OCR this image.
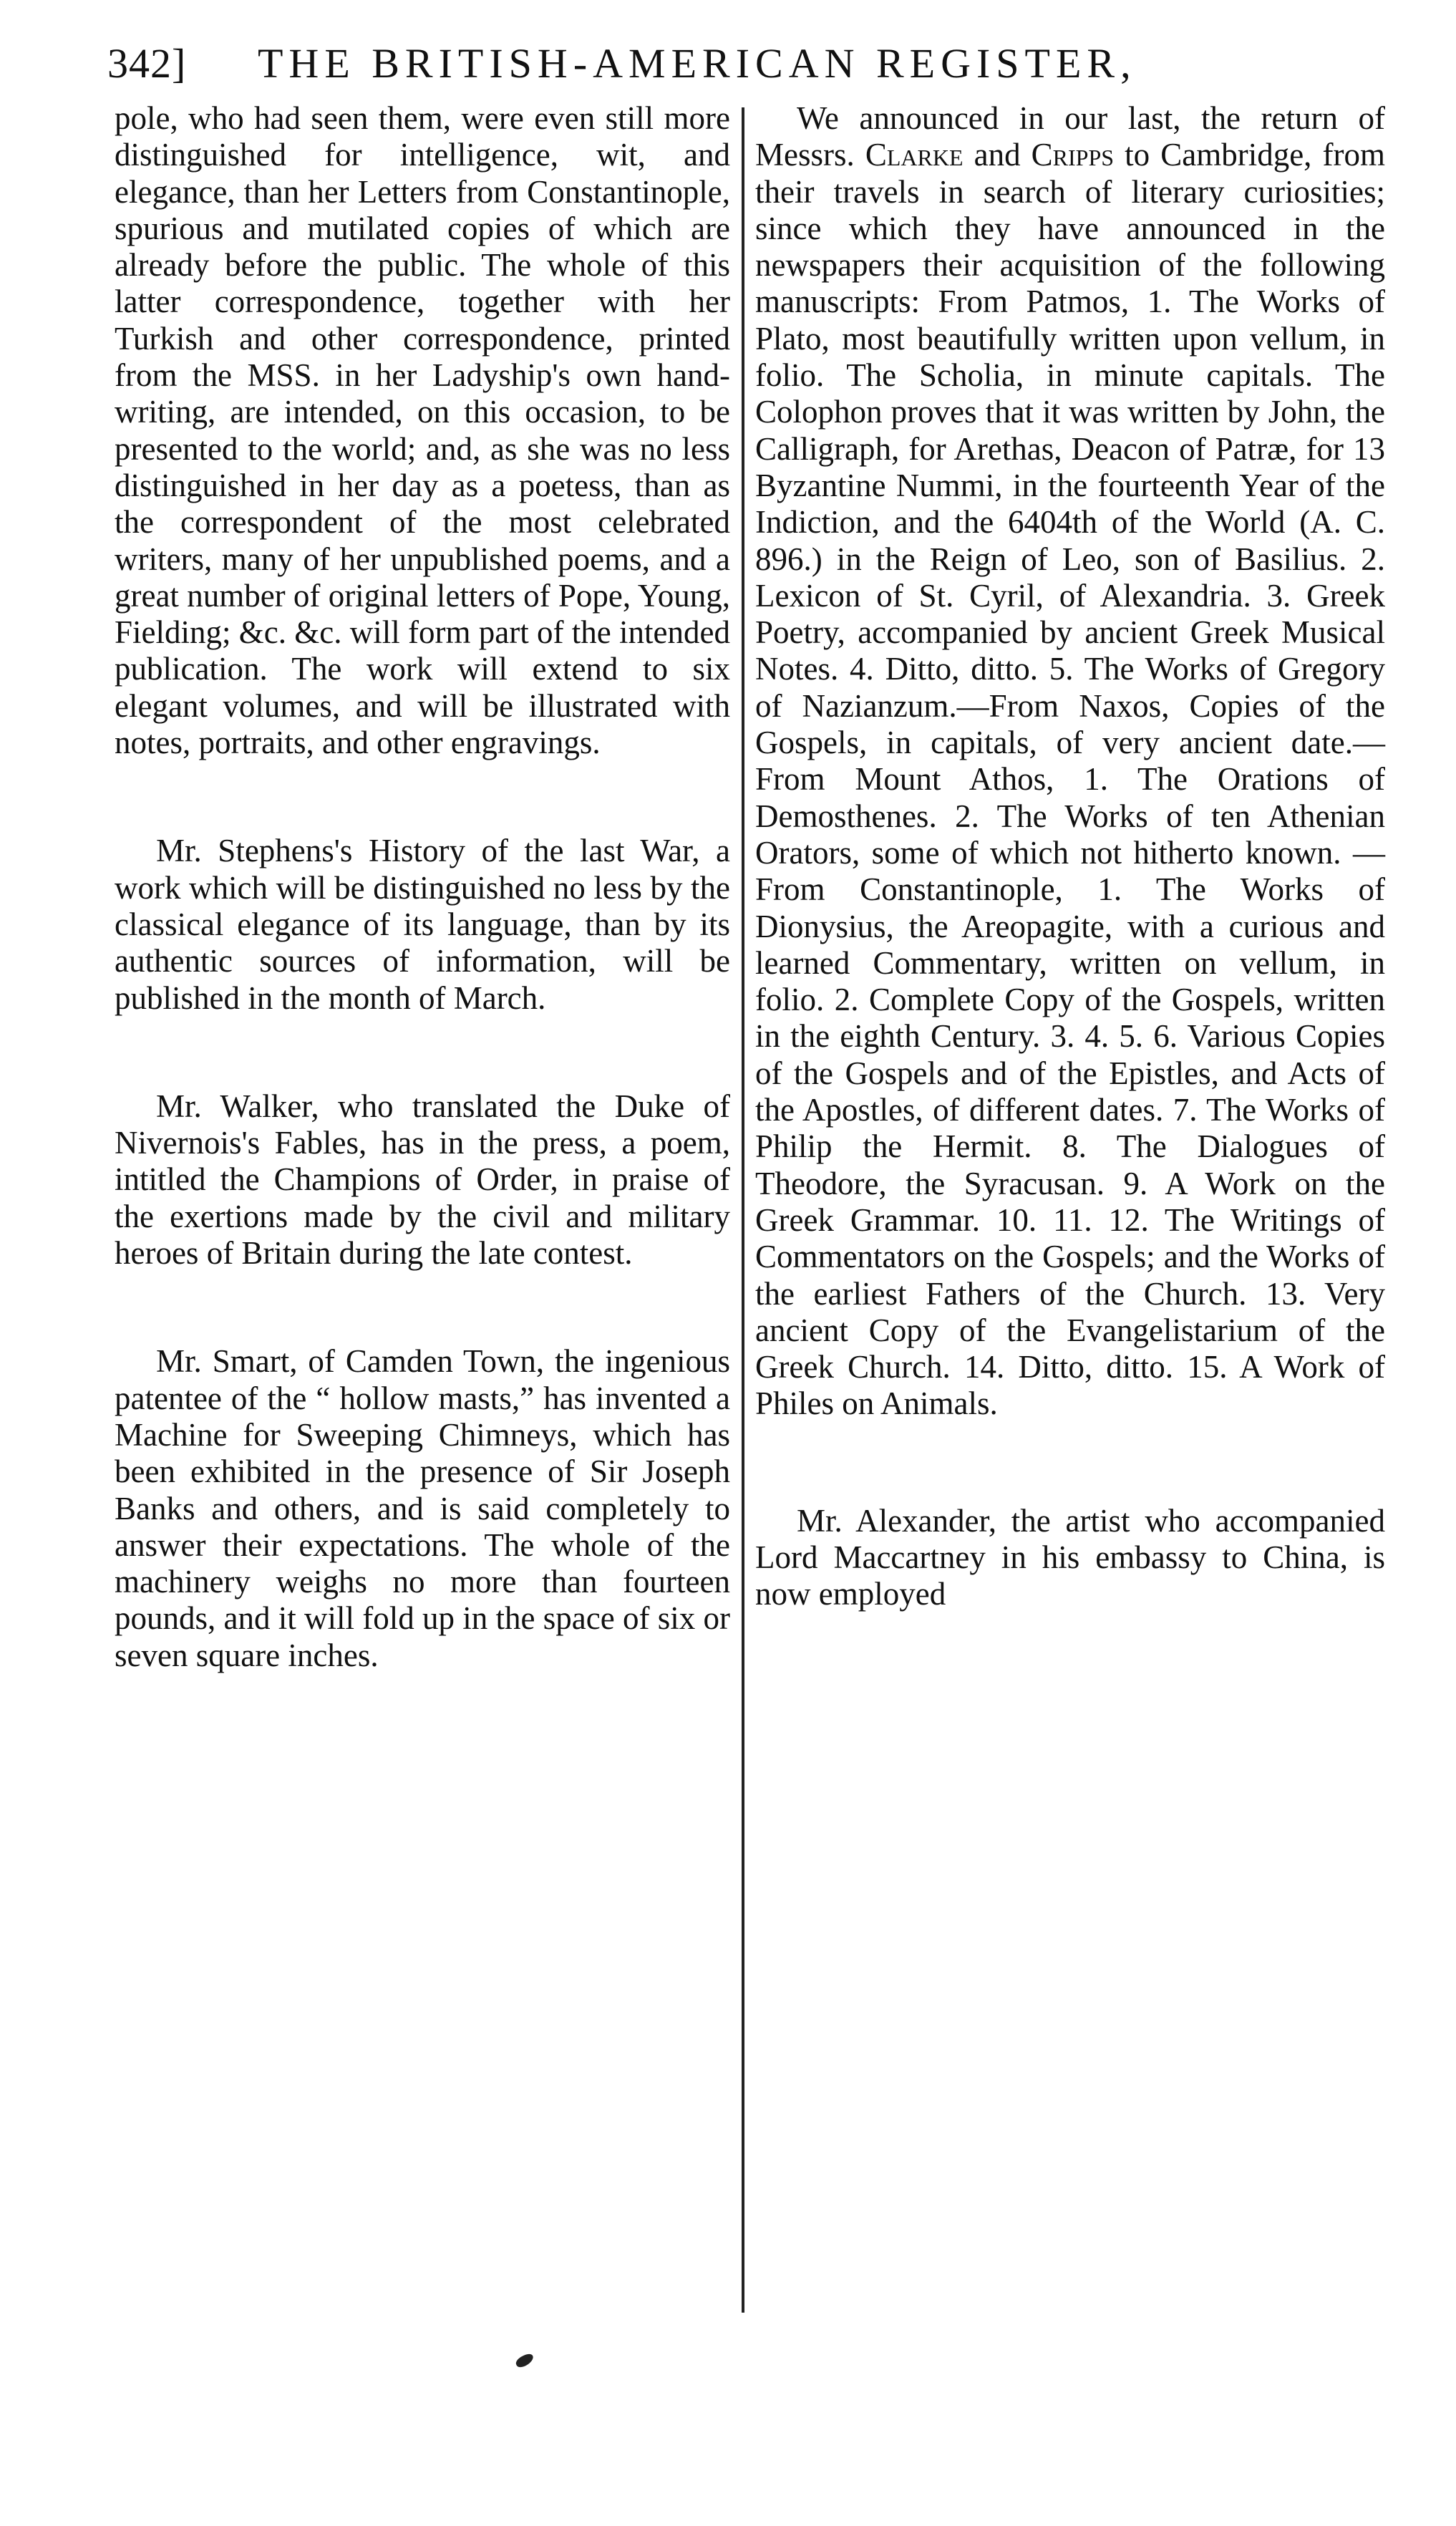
342] THE BRITISH-AMERICAN REGISTER,

pole, who had seen them, were even still more distinguished for intelligence, wit, and elegance, than her Letters from Constantinople, spurious and mutilated copies of which are already before the public. The whole of this latter correspondence, together with her Turkish and other correspondence, printed from the MSS. in her Ladyship's own hand-writing, are intended, on this occasion, to be presented to the world; and, as she was no less distinguished in her day as a poetess, than as the correspondent of the most celebrated writers, many of her unpublished poems, and a great number of original letters of Pope, Young, Fielding; &c. &c. will form part of the intended publication. The work will extend to six elegant volumes, and will be illustrated with notes, portraits, and other engravings.

Mr. Stephens's History of the last War, a work which will be distinguished no less by the classical elegance of its language, than by its authentic sources of information, will be published in the month of March.

Mr. Walker, who translated the Duke of Nivernois's Fables, has in the press, a poem, intitled the Champions of Order, in praise of the exertions made by the civil and military heroes of Britain during the late contest.

Mr. Smart, of Camden Town, the ingenious patentee of the “ hollow masts,” has invented a Machine for Sweeping Chimneys, which has been exhibited in the presence of Sir Joseph Banks and others, and is said completely to answer their expectations. The whole of the machinery weighs no more than fourteen pounds, and it will fold up in the space of six or seven square inches.

We announced in our last, the return of Messrs. Clarke and Cripps to Cambridge, from their travels in search of literary curiosities; since which they have announced in the newspapers their acquisition of the following manuscripts: From Patmos, 1. The Works of Plato, most beautifully written upon vellum, in folio. The Scholia, in minute capitals. The Colophon proves that it was written by John, the Calligraph, for Arethas, Deacon of Patræ, for 13 Byzantine Nummi, in the fourteenth Year of the Indiction, and the 6404th of the World (A. C. 896.) in the Reign of Leo, son of Basilius. 2. Lexicon of St. Cyril, of Alexandria. 3. Greek Poetry, accompanied by ancient Greek Musical Notes. 4. Ditto, ditto. 5. The Works of Gregory of Nazianzum.—From Naxos, Copies of the Gospels, in capitals, of very ancient date.—From Mount Athos, 1. The Orations of Demosthenes. 2. The Works of ten Athenian Orators, some of which not hitherto known. —From Constantinople, 1. The Works of Dionysius, the Areopagite, with a curious and learned Commentary, written on vellum, in folio. 2. Complete Copy of the Gospels, written in the eighth Century. 3. 4. 5. 6. Various Copies of the Gospels and of the Epistles, and Acts of the Apostles, of different dates. 7. The Works of Philip the Hermit. 8. The Dialogues of Theodore, the Syracusan. 9. A Work on the Greek Grammar. 10. 11. 12. The Writings of Commentators on the Gospels; and the Works of the earliest Fathers of the Church. 13. Very ancient Copy of the Evangelistarium of the Greek Church. 14. Ditto, ditto. 15. A Work of Philes on Animals.

Mr. Alexander, the artist who accompanied Lord Maccartney in his embassy to China, is now employed
